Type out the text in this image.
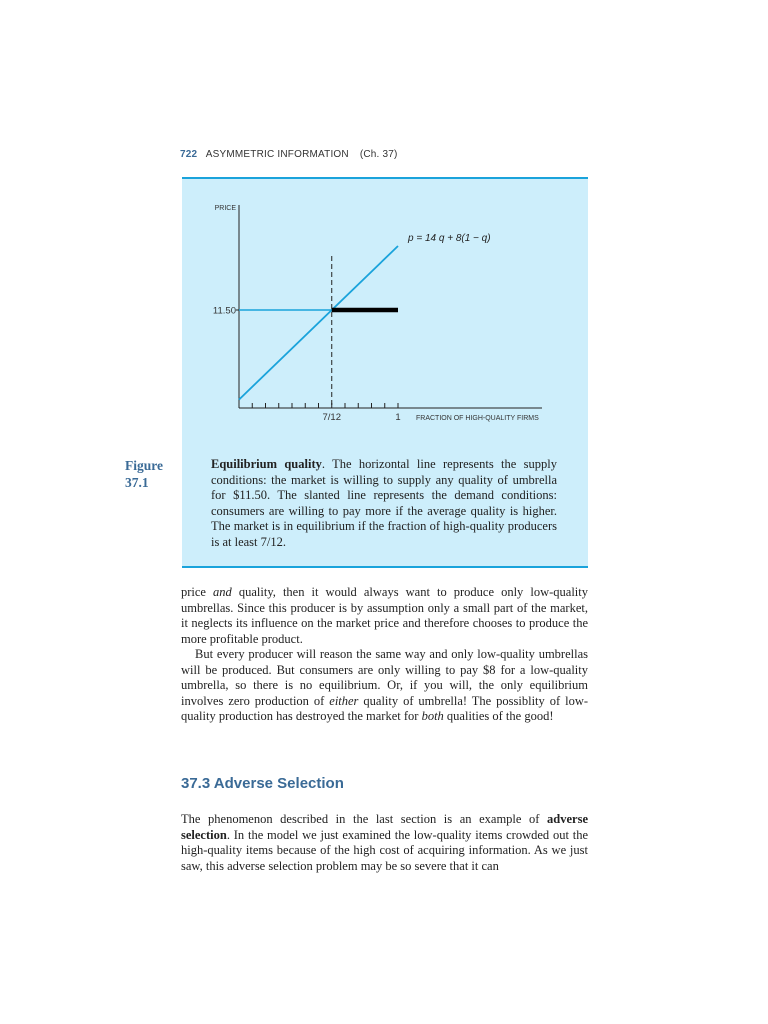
722 ASYMMETRIC INFORMATION (Ch. 37)
PRICE
11.50
7/12	1 FRACTION OF HIGH-QUALITY FIRMS
p = 14 q + 8(1 − q)
Figure
37.1
Equilibrium quality. The horizontal line represents the supply conditions: the market is willing to supply any quality of umbrella for $11.50. The slanted line represents the demand conditions: consumers are willing to pay more if the average quality is higher. The market is in equilibrium if the fraction of high-quality producers is at least 7/12.

price and quality, then it would always want to produce only low-quality umbrellas. Since this producer is by assumption only a small part of the market, it neglects its influence on the market price and therefore chooses to produce the more profitable product.

But every producer will reason the same way and only low-quality umbrellas will be produced. But consumers are only willing to pay $8 for a low-quality umbrella, so there is no equilibrium. Or, if you will, the only equilibrium involves zero production of either quality of umbrella! The possiblity of low-quality production has destroyed the market for both qualities of the good!

37.3 Adverse Selection

The phenomenon described in the last section is an example of adverse selection. In the model we just examined the low-quality items crowded out the high-quality items because of the high cost of acquiring information. As we just saw, this adverse selection problem may be so severe that it can
